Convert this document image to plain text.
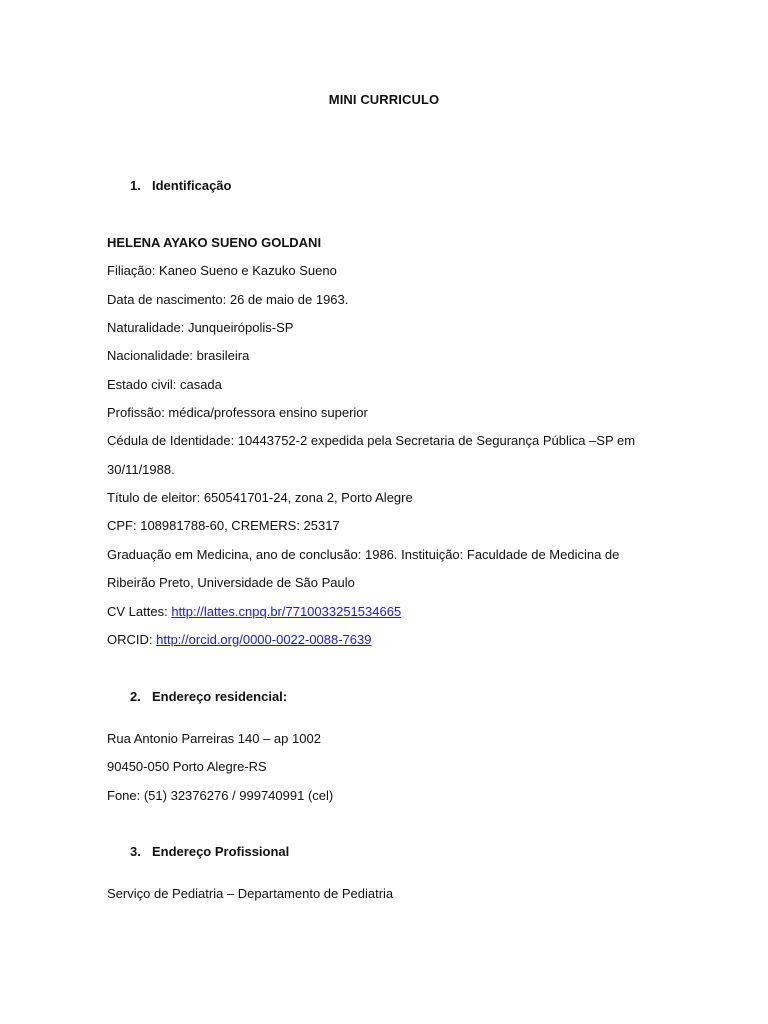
MINI CURRICULO
1. Identificação
HELENA AYAKO SUENO GOLDANI
Filiação: Kaneo Sueno e Kazuko Sueno
Data de nascimento: 26 de maio de 1963.
Naturalidade: Junqueirópolis-SP
Nacionalidade: brasileira
Estado civil: casada
Profissão: médica/professora ensino superior
Cédula de Identidade: 10443752-2 expedida pela Secretaria de Segurança Pública –SP em
30/11/1988.
Título de eleitor: 650541701-24, zona 2, Porto Alegre
CPF: 108981788-60, CREMERS: 25317
Graduação em Medicina, ano de conclusão: 1986. Instituição: Faculdade de Medicina de
Ribeirão Preto, Universidade de São Paulo
CV Lattes: http://lattes.cnpq.br/7710033251534665
ORCID: http://orcid.org/0000-0022-0088-7639
2. Endereço residencial:
Rua Antonio Parreiras 140 – ap 1002
90450-050 Porto Alegre-RS
Fone: (51) 32376276 / 999740991 (cel)
3. Endereço Profissional
Serviço de Pediatria – Departamento de Pediatria
